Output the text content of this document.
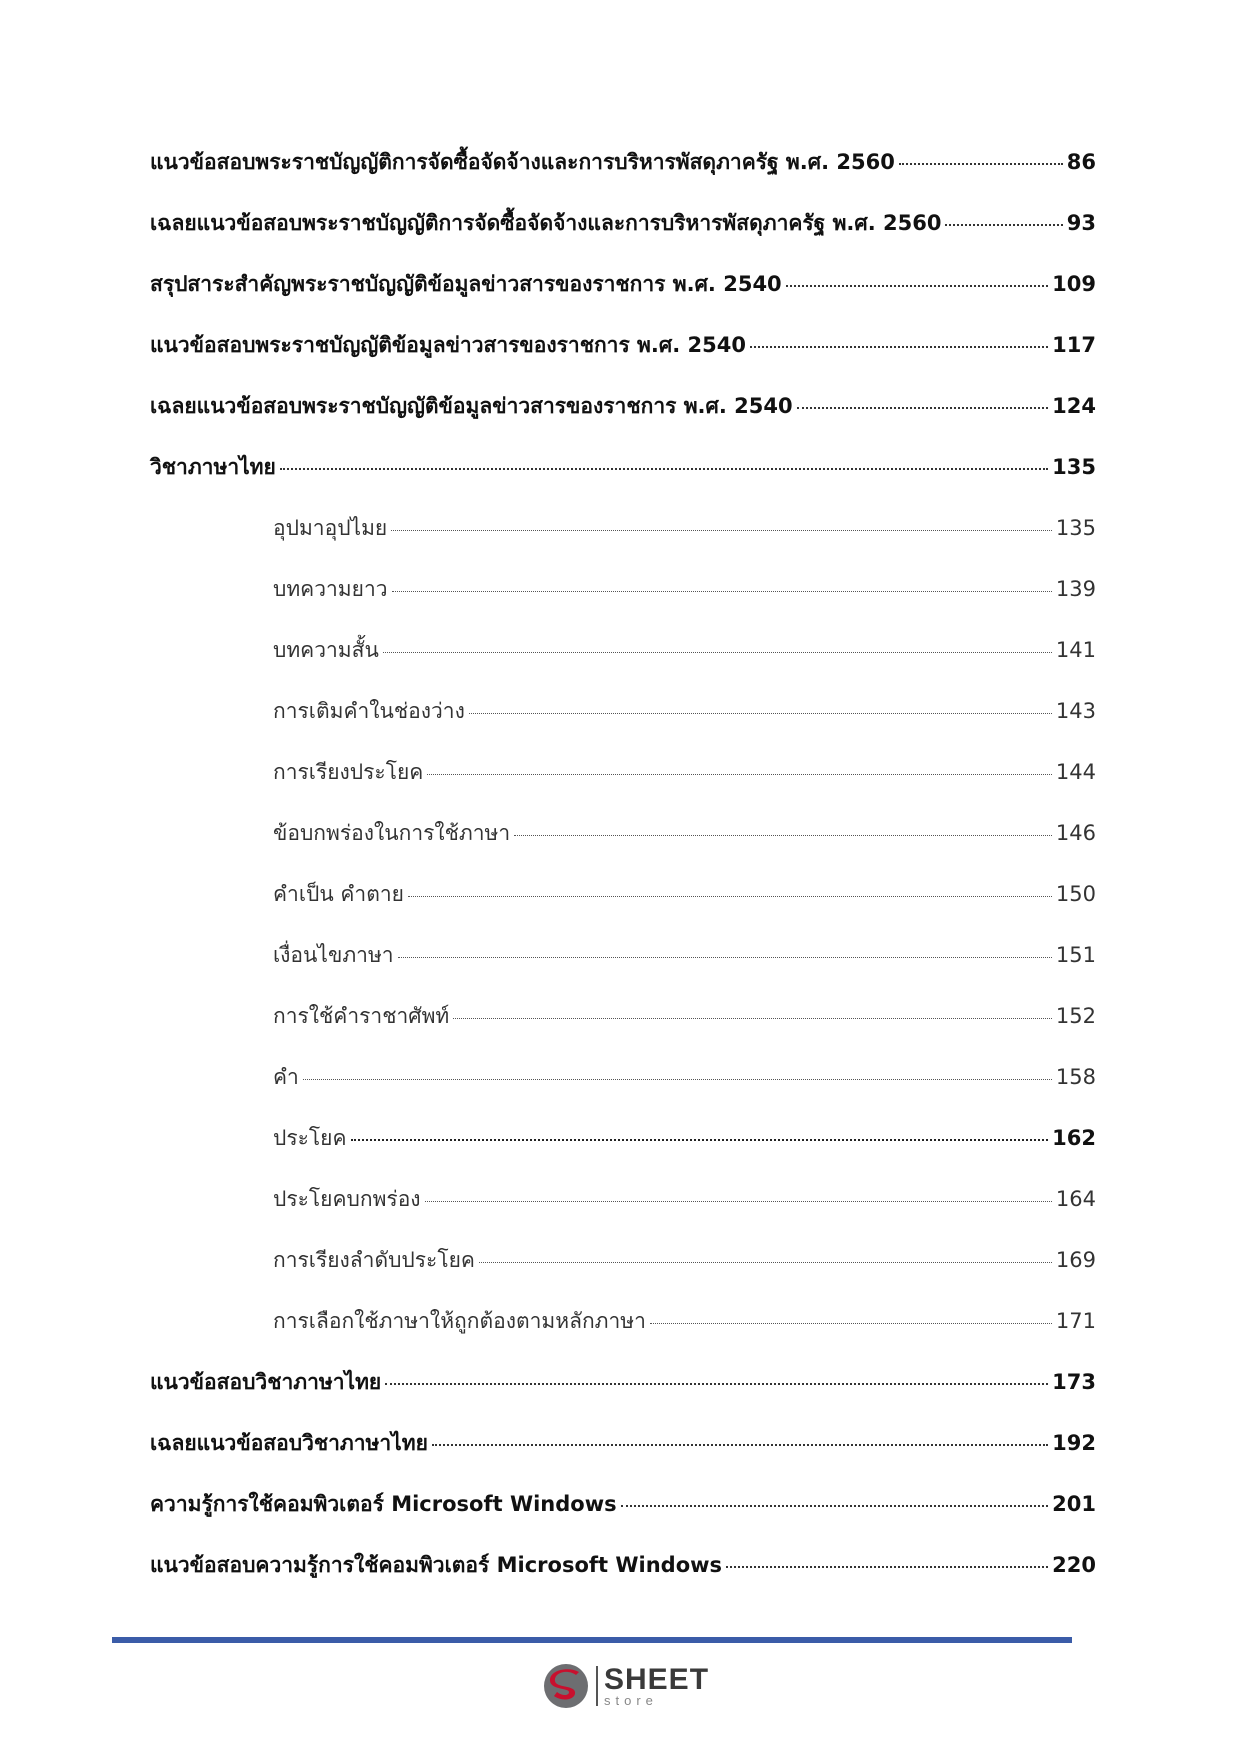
แนวข้อสอบพระราชบัญญัติการจัดซื้อจัดจ้างและการบริหารพัสดุภาครัฐ พ.ศ. 2560	86
เฉลยแนวข้อสอบพระราชบัญญัติการจัดซื้อจัดจ้างและการบริหารพัสดุภาครัฐ พ.ศ. 2560	93
สรุปสาระสำคัญพระราชบัญญัติข้อมูลข่าวสารของราชการ พ.ศ. 2540	109
แนวข้อสอบพระราชบัญญัติข้อมูลข่าวสารของราชการ พ.ศ. 2540	117
เฉลยแนวข้อสอบพระราชบัญญัติข้อมูลข่าวสารของราชการ พ.ศ. 2540	124
วิชาภาษาไทย	135
อุปมาอุปไมย	135
บทความยาว	139
บทความสั้น	141
การเติมคำในช่องว่าง	143
การเรียงประโยค	144
ข้อบกพร่องในการใช้ภาษา	146
คำเป็น คำตาย	150
เงื่อนไขภาษา	151
การใช้คำราชาศัพท์	152
คำ	158
ประโยค	162
ประโยคบกพร่อง	164
การเรียงลำดับประโยค	169
การเลือกใช้ภาษาให้ถูกต้องตามหลักภาษา	171
แนวข้อสอบวิชาภาษาไทย	173
เฉลยแนวข้อสอบวิชาภาษาไทย	192
ความรู้การใช้คอมพิวเตอร์ Microsoft Windows	201
แนวข้อสอบความรู้การใช้คอมพิวเตอร์ Microsoft Windows	220
SHEET
store
